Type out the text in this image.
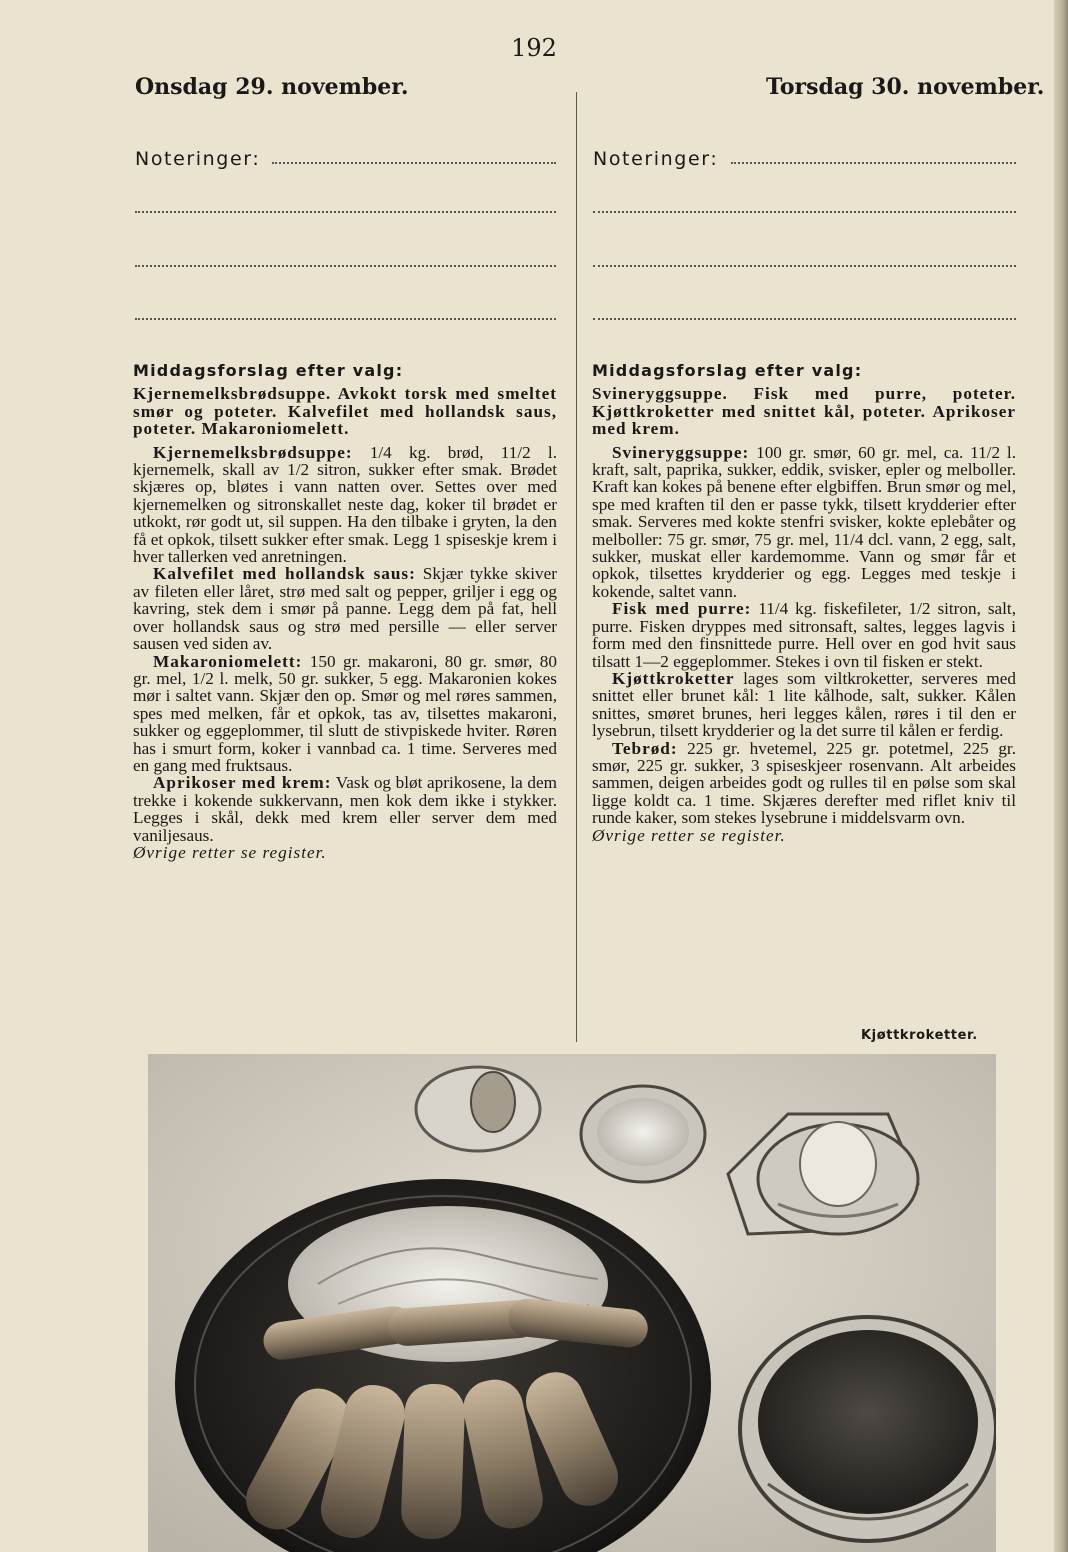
192
Onsdag 29. november.	Torsdag 30. november.
Noteringer:	Noteringer:
Middagsforslag efter valg:
Kjernemelksbrødsuppe. Avkokt torsk med smeltet smør og poteter. Kalvefilet med hollandsk saus, poteter. Makaroniomelett.
Kjernemelksbrødsuppe: 1/4 kg. brød, 11/2 l. kjernemelk, skall av 1/2 sitron, sukker efter smak. Brødet skjæres op, bløtes i vann natten over. Settes over med kjernemelken og sitronskallet neste dag, koker til brødet er utkokt, rør godt ut, sil suppen. Ha den tilbake i gryten, la den få et opkok, tilsett sukker efter smak. Legg 1 spiseskje krem i hver tallerken ved anretningen.
Kalvefilet med hollandsk saus: Skjær tykke skiver av fileten eller låret, strø med salt og pepper, griljer i egg og kavring, stek dem i smør på panne. Legg dem på fat, hell over hollandsk saus og strø med persille — eller server sausen ved siden av.
Makaroniomelett: 150 gr. makaroni, 80 gr. smør, 80 gr. mel, 1/2 l. melk, 50 gr. sukker, 5 egg. Makaronien kokes mør i saltet vann. Skjær den op. Smør og mel røres sammen, spes med melken, får et opkok, tas av, tilsettes makaroni, sukker og eggeplommer, til slutt de stivpiskede hviter. Røren has i smurt form, koker i vannbad ca. 1 time. Serveres med en gang med fruktsaus.
Aprikoser med krem: Vask og bløt aprikosene, la dem trekke i kokende sukkervann, men kok dem ikke i stykker. Legges i skål, dekk med krem eller server dem med vaniljesaus.
Øvrige retter se register.
Middagsforslag efter valg:
Svineryggsuppe. Fisk med purre, poteter. Kjøttkroketter med snittet kål, poteter. Aprikoser med krem.
Svineryggsuppe: 100 gr. smør, 60 gr. mel, ca. 11/2 l. kraft, salt, paprika, sukker, eddik, svisker, epler og melboller. Kraft kan kokes på benene efter elgbiffen. Brun smør og mel, spe med kraften til den er passe tykk, tilsett krydderier efter smak. Serveres med kokte stenfri svisker, kokte eplebåter og melboller: 75 gr. smør, 75 gr. mel, 11/4 dcl. vann, 2 egg, salt, sukker, muskat eller kardemomme. Vann og smør får et opkok, tilsettes krydderier og egg. Legges med teskje i kokende, saltet vann.
Fisk med purre: 11/4 kg. fiskefileter, 1/2 sitron, salt, purre. Fisken dryppes med sitronsaft, saltes, legges lagvis i form med den finsnittede purre. Hell over en god hvit saus tilsatt 1—2 eggeplommer. Stekes i ovn til fisken er stekt.
Kjøttkroketter lages som viltkroketter, serveres med snittet eller brunet kål: 1 lite kålhode, salt, sukker. Kålen snittes, smøret brunes, heri legges kålen, røres i til den er lysebrun, tilsett krydderier og la det surre til kålen er ferdig.
Tebrød: 225 gr. hvetemel, 225 gr. potetmel, 225 gr. smør, 225 gr. sukker, 3 spiseskjeer rosenvann. Alt arbeides sammen, deigen arbeides godt og rulles til en pølse som skal ligge koldt ca. 1 time. Skjæres derefter med riflet kniv til runde kaker, som stekes lysebrune i middelsvarm ovn.
Øvrige retter se register.
Kjøttkroketter.
